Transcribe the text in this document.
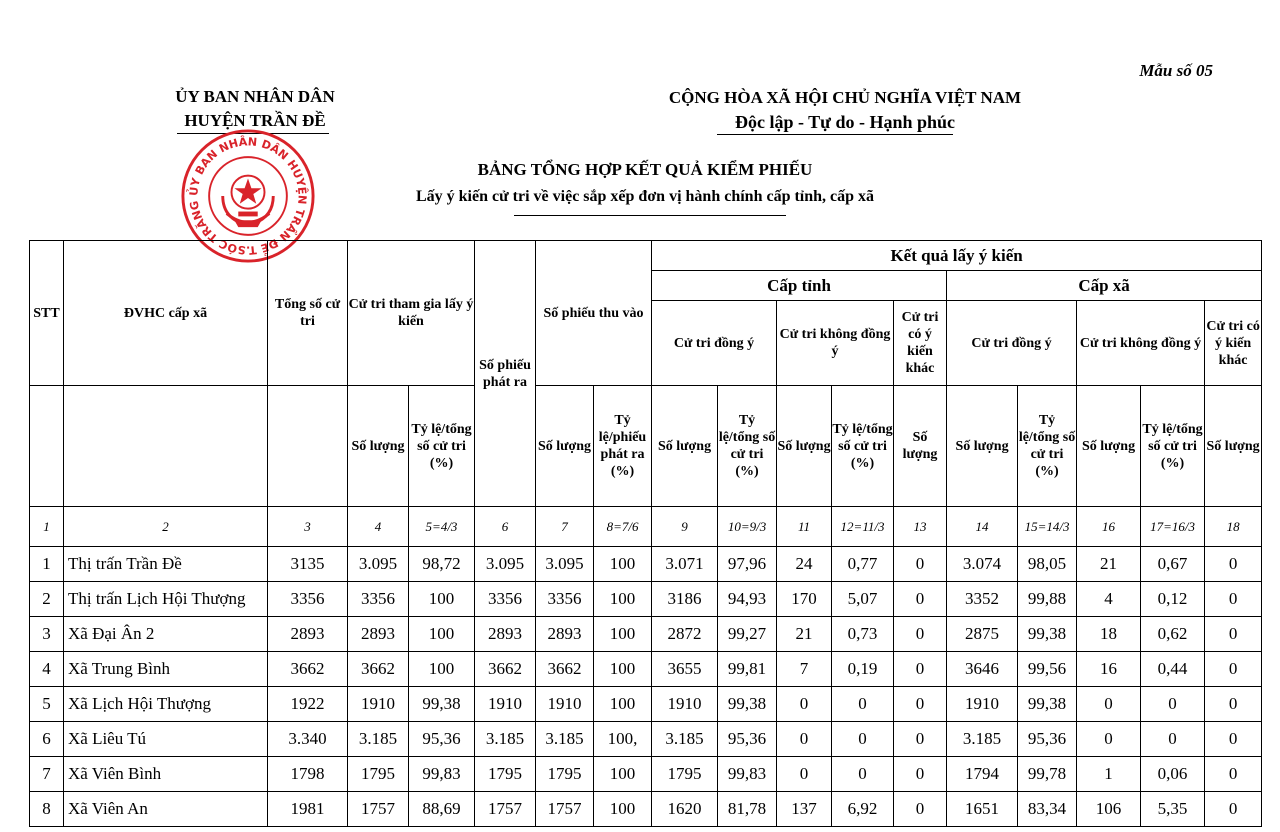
Mẫu số 05
ỦY BAN NHÂN DÂN
HUYỆN TRẦN ĐỀ
CỘNG HÒA XÃ HỘI CHỦ NGHĨA VIỆT NAM
Độc lập - Tự do - Hạnh phúc
ỦY BAN NHÂN DÂN HUYỆN TRẦN ĐỀ T.SÓC TRĂNG
BẢNG TỔNG HỢP KẾT QUẢ KIỂM PHIẾU
Lấy ý kiến cử tri về việc sắp xếp đơn vị hành chính cấp tỉnh, cấp xã
STT	ĐVHC cấp xã	Tổng số cử tri	Cử tri tham gia lấy ý kiến		Số phiếu phát ra	Số phiếu thu vào		Kết quả lấy ý kiến									
								Cấp tỉnh					Cấp xã				
								Cử tri đồng ý		Cử tri không đồng ý		Cử tri có ý kiến khác	Cử tri đồng ý		Cử tri không đồng ý		Cử tri có ý kiến khác
			Số lượng	Tỷ lệ/tổng số cử tri (%)		Số lượng	Tỷ lệ/phiếu phát ra (%)	Số lượng	Tỷ lệ/tổng số cử tri (%)	Số lượng	Tỷ lệ/tổng số cử tri (%)	Số lượng	Số lượng	Tỷ lệ/tổng số cử tri (%)	Số lượng	Tỷ lệ/tổng số cử tri (%)	Số lượng
1	2	3	4	5=4/3	6	7	8=7/6	9	10=9/3	11	12=11/3	13	14	15=14/3	16	17=16/3	18
1	Thị trấn Trần Đề	3135	3.095	98,72	3.095	3.095	100	3.071	97,96	24	0,77	0	3.074	98,05	21	0,67	0
2	Thị trấn Lịch Hội Thượng	3356	3356	100	3356	3356	100	3186	94,93	170	5,07	0	3352	99,88	4	0,12	0
3	Xã Đại Ân 2	2893	2893	100	2893	2893	100	2872	99,27	21	0,73	0	2875	99,38	18	0,62	0
4	Xã Trung Bình	3662	3662	100	3662	3662	100	3655	99,81	7	0,19	0	3646	99,56	16	0,44	0
5	Xã Lịch Hội Thượng	1922	1910	99,38	1910	1910	100	1910	99,38	0	0	0	1910	99,38	0	0	0
6	Xã Liêu Tú	3.340	3.185	95,36	3.185	3.185	100,	3.185	95,36	0	0	0	3.185	95,36	0	0	0
7	Xã Viên Bình	1798	1795	99,83	1795	1795	100	1795	99,83	0	0	0	1794	99,78	1	0,06	0
8	Xã Viên An	1981	1757	88,69	1757	1757	100	1620	81,78	137	6,92	0	1651	83,34	106	5,35	0
